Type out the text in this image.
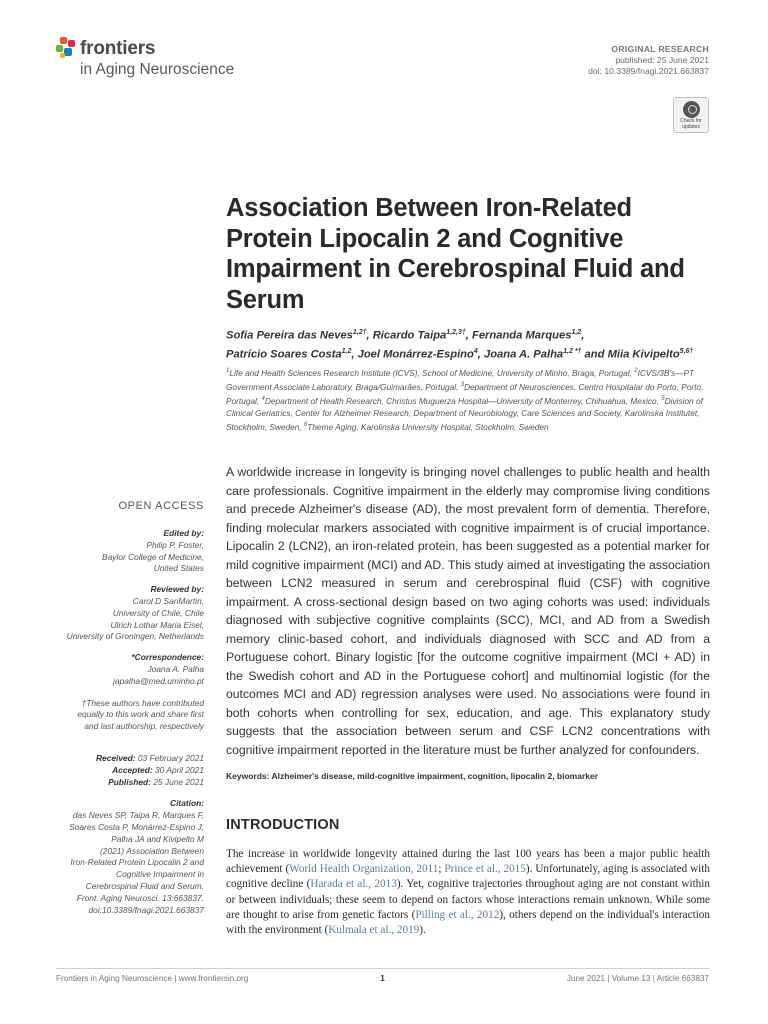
frontiers
in Aging Neuroscience
ORIGINAL RESEARCH
published: 25 June 2021
doi: 10.3389/fnagi.2021.663837
Check for updates
Association Between Iron-Related Protein Lipocalin 2 and Cognitive Impairment in Cerebrospinal Fluid and Serum
Sofia Pereira das Neves$^{1,2\dagger}$, Ricardo Taipa$^{1,2,3\dagger}$, Fernanda Marques$^{1,2}$,
Patrício Soares Costa$^{1,2}$, Joel Monárrez-Espino$^4$, Joana A. Palha$^{1,2 *\dagger}$ and Miia Kivipelto$^{5,6\dagger}$
$^1$Life and Health Sciences Research Institute (ICVS), School of Medicine, University of Minho, Braga, Portugal, $^2$ICVS/3B's—PT Government Associate Laboratory, Braga/Guimarães, Portugal, $^3$Department of Neurosciences, Centro Hospitalar do Porto, Porto, Portugal, $^4$Department of Health Research, Christus Muguerza Hospital—University of Monterrey, Chihuahua, Mexico, $^5$Division of Clinical Geriatrics, Center for Alzheimer Research, Department of Neurobiology, Care Sciences and Society, Karolinska Institutet, Stockholm, Sweden, $^6$Theme Aging, Karolinska University Hospital, Stockholm, Sweden
OPEN ACCESS
Edited by:
Philip P. Foster,
Baylor College of Medicine,
United States
Reviewed by:
Carol D SanMartin,
University of Chile, Chile
Ulrich Lothar Maria Eisel,
University of Groningen, Netherlands
*Correspondence:
Joana A. Palha
japalha@med.uminho.pt
†These authors have contributed
equally to this work and share first
and last authorship, respectively
Received: 03 February 2021
Accepted: 30 April 2021
Published: 25 June 2021
Citation:
das Neves SP, Taipa R, Marques F,
Soares Costa P, Monárrez-Espino J,
Palha JA and Kivipelto M
(2021) Association Between
Iron-Related Protein Lipocalin 2 and
Cognitive Impairment in
Cerebrospinal Fluid and Serum.
Front. Aging Neurosci. 13:663837.
doi:10.3389/fnagi.2021.663837

A worldwide increase in longevity is bringing novel challenges to public health and health care professionals. Cognitive impairment in the elderly may compromise living conditions and precede Alzheimer's disease (AD), the most prevalent form of dementia. Therefore, finding molecular markers associated with cognitive impairment is of crucial importance. Lipocalin 2 (LCN2), an iron-related protein, has been suggested as a potential marker for mild cognitive impairment (MCI) and AD. This study aimed at investigating the association between LCN2 measured in serum and cerebrospinal fluid (CSF) with cognitive impairment. A cross-sectional design based on two aging cohorts was used: individuals diagnosed with subjective cognitive complaints (SCC), MCI, and AD from a Swedish memory clinic-based cohort, and individuals diagnosed with SCC and AD from a Portuguese cohort. Binary logistic [for the outcome cognitive impairment (MCI + AD) in the Swedish cohort and AD in the Portuguese cohort] and multinomial logistic (for the outcomes MCI and AD) regression analyses were used. No associations were found in both cohorts when controlling for sex, education, and age. This explanatory study suggests that the association between serum and CSF LCN2 concentrations with cognitive impairment reported in the literature must be further analyzed for confounders.

Keywords: Alzheimer's disease, mild-cognitive impairment, cognition, lipocalin 2, biomarker
INTRODUCTION

The increase in worldwide longevity attained during the last 100 years has been a major public health achievement (World Health Organization, 2011; Prince et al., 2015). Unfortunately, aging is associated with cognitive decline (Harada et al., 2013). Yet, cognitive trajectories throughout aging are not constant within or between individuals; these seem to depend on factors whose interactions remain unknown. While some are thought to arise from genetic factors (Pilling et al., 2012), others depend on the individual's interaction with the environment (Kulmala et al., 2019).

Frontiers in Aging Neuroscience | www.frontiersin.org	1	June 2021 | Volume 13 | Article 663837
